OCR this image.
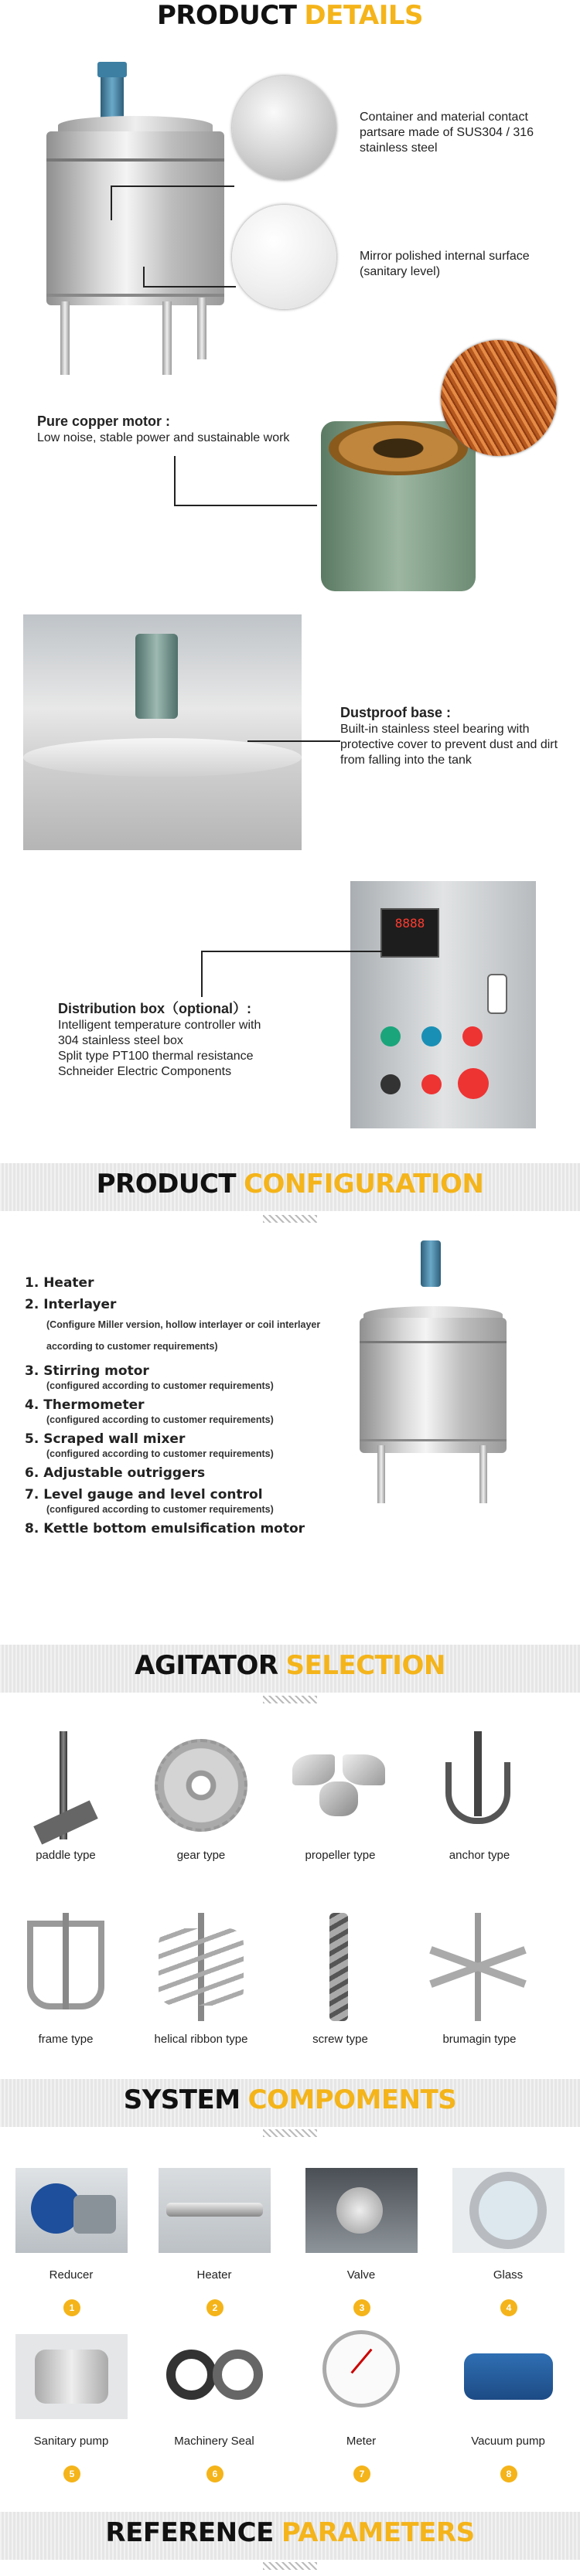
PRODUCT DETAILS
Container and material contact partsare made of SUS304 / 316 stainless steel
Mirror polished internal surface (sanitary level)
Pure copper motor :
Low noise, stable power and sustainable work
Dustproof base :
Built-in stainless steel bearing with protective cover to prevent dust and dirt from falling into the tank
8888
Distribution box（optional）:
Intelligent temperature controller with
304 stainless steel box
Split type PT100 thermal resistance
Schneider Electric Components
PRODUCT CONFIGURATION

1. Heater

2. Interlayer

(Configure Miller version, hollow interlayer or coil interlayer according to customer requirements)

3. Stirring motor

(configured according to customer requirements)

4. Thermometer

(configured according to customer requirements)

5. Scraped wall mixer

(configured according to customer requirements)

6. Adjustable outriggers

7. Level gauge and level control

(configured according to customer requirements)

8. Kettle bottom emulsification motor

AGITATOR SELECTION
paddle type	gear type	propeller type	anchor type
frame type	helical ribbon type	screw type	brumagin type
SYSTEM COMPOMENTS
Reducer	Heater	Valve	Glass
1	2	3	4
Sanitary pump	Machinery Seal	Meter	Vacuum pump
5	6	7	8
REFERENCE PARAMETERS
